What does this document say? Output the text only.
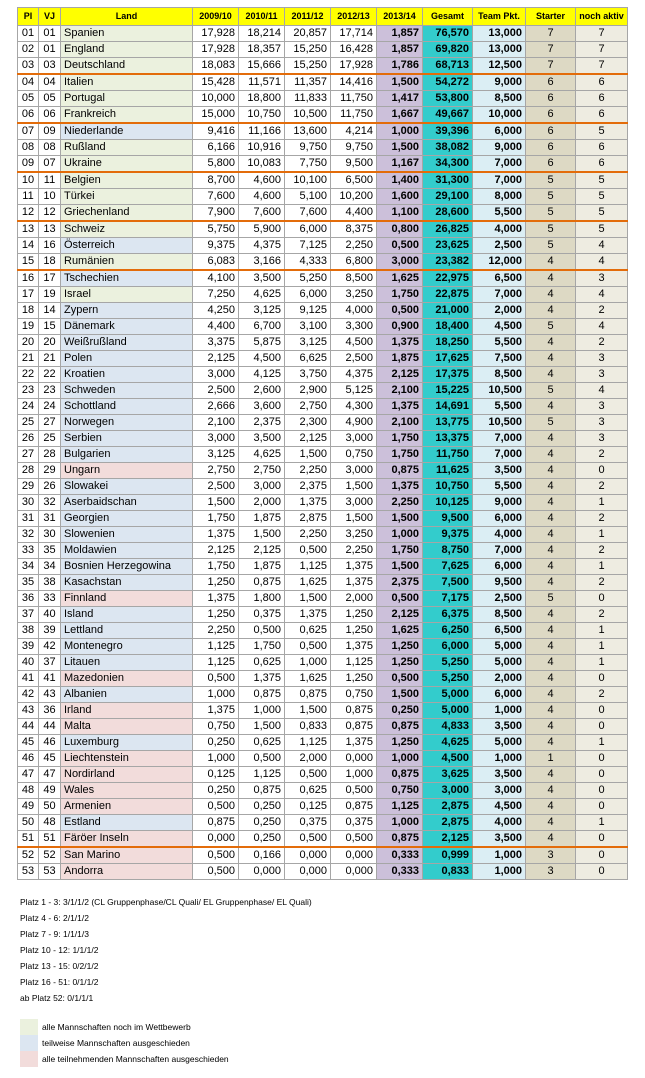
Pl	VJ	Land	2009/10	2010/11	2011/12	2012/13	2013/14	Gesamt	Team Pkt.	Starter	noch aktiv
01	01	Spanien	17,928	18,214	20,857	17,714	1,857	76,570	13,000	7	7
02	01	England	17,928	18,357	15,250	16,428	1,857	69,820	13,000	7	7
03	03	Deutschland	18,083	15,666	15,250	17,928	1,786	68,713	12,500	7	7
04	04	Italien	15,428	11,571	11,357	14,416	1,500	54,272	9,000	6	6
05	05	Portugal	10,000	18,800	11,833	11,750	1,417	53,800	8,500	6	6
06	06	Frankreich	15,000	10,750	10,500	11,750	1,667	49,667	10,000	6	6
07	09	Niederlande	9,416	11,166	13,600	4,214	1,000	39,396	6,000	6	5
08	08	Rußland	6,166	10,916	9,750	9,750	1,500	38,082	9,000	6	6
09	07	Ukraine	5,800	10,083	7,750	9,500	1,167	34,300	7,000	6	6
10	11	Belgien	8,700	4,600	10,100	6,500	1,400	31,300	7,000	5	5
11	10	Türkei	7,600	4,600	5,100	10,200	1,600	29,100	8,000	5	5
12	12	Griechenland	7,900	7,600	7,600	4,400	1,100	28,600	5,500	5	5
13	13	Schweiz	5,750	5,900	6,000	8,375	0,800	26,825	4,000	5	5
14	16	Österreich	9,375	4,375	7,125	2,250	0,500	23,625	2,500	5	4
15	18	Rumänien	6,083	3,166	4,333	6,800	3,000	23,382	12,000	4	4
16	17	Tschechien	4,100	3,500	5,250	8,500	1,625	22,975	6,500	4	3
17	19	Israel	7,250	4,625	6,000	3,250	1,750	22,875	7,000	4	4
18	14	Zypern	4,250	3,125	9,125	4,000	0,500	21,000	2,000	4	2
19	15	Dänemark	4,400	6,700	3,100	3,300	0,900	18,400	4,500	5	4
20	20	Weißrußland	3,375	5,875	3,125	4,500	1,375	18,250	5,500	4	2
21	21	Polen	2,125	4,500	6,625	2,500	1,875	17,625	7,500	4	3
22	22	Kroatien	3,000	4,125	3,750	4,375	2,125	17,375	8,500	4	3
23	23	Schweden	2,500	2,600	2,900	5,125	2,100	15,225	10,500	5	4
24	24	Schottland	2,666	3,600	2,750	4,300	1,375	14,691	5,500	4	3
25	27	Norwegen	2,100	2,375	2,300	4,900	2,100	13,775	10,500	5	3
26	25	Serbien	3,000	3,500	2,125	3,000	1,750	13,375	7,000	4	3
27	28	Bulgarien	3,125	4,625	1,500	0,750	1,750	11,750	7,000	4	2
28	29	Ungarn	2,750	2,750	2,250	3,000	0,875	11,625	3,500	4	0
29	26	Slowakei	2,500	3,000	2,375	1,500	1,375	10,750	5,500	4	2
30	32	Aserbaidschan	1,500	2,000	1,375	3,000	2,250	10,125	9,000	4	1
31	31	Georgien	1,750	1,875	2,875	1,500	1,500	9,500	6,000	4	2
32	30	Slowenien	1,375	1,500	2,250	3,250	1,000	9,375	4,000	4	1
33	35	Moldawien	2,125	2,125	0,500	2,250	1,750	8,750	7,000	4	2
34	34	Bosnien Herzegowina	1,750	1,875	1,125	1,375	1,500	7,625	6,000	4	1
35	38	Kasachstan	1,250	0,875	1,625	1,375	2,375	7,500	9,500	4	2
36	33	Finnland	1,375	1,800	1,500	2,000	0,500	7,175	2,500	5	0
37	40	Island	1,250	0,375	1,375	1,250	2,125	6,375	8,500	4	2
38	39	Lettland	2,250	0,500	0,625	1,250	1,625	6,250	6,500	4	1
39	42	Montenegro	1,125	1,750	0,500	1,375	1,250	6,000	5,000	4	1
40	37	Litauen	1,125	0,625	1,000	1,125	1,250	5,250	5,000	4	1
41	41	Mazedonien	0,500	1,375	1,625	1,250	0,500	5,250	2,000	4	0
42	43	Albanien	1,000	0,875	0,875	0,750	1,500	5,000	6,000	4	2
43	36	Irland	1,375	1,000	1,500	0,875	0,250	5,000	1,000	4	0
44	44	Malta	0,750	1,500	0,833	0,875	0,875	4,833	3,500	4	0
45	46	Luxemburg	0,250	0,625	1,125	1,375	1,250	4,625	5,000	4	1
46	45	Liechtenstein	1,000	0,500	2,000	0,000	1,000	4,500	1,000	1	0
47	47	Nordirland	0,125	1,125	0,500	1,000	0,875	3,625	3,500	4	0
48	49	Wales	0,250	0,875	0,625	0,500	0,750	3,000	3,000	4	0
49	50	Armenien	0,500	0,250	0,125	0,875	1,125	2,875	4,500	4	0
50	48	Estland	0,875	0,250	0,375	0,375	1,000	2,875	4,000	4	1
51	51	Färöer Inseln	0,000	0,250	0,500	0,500	0,875	2,125	3,500	4	0
52	52	San Marino	0,500	0,166	0,000	0,000	0,333	0,999	1,000	3	0
53	53	Andorra	0,500	0,000	0,000	0,000	0,333	0,833	1,000	3	0
Platz 1 - 3: 3/1/1/2 (CL Gruppenphase/CL Quali/ EL Gruppenphase/ EL Quali)
Platz 4 - 6: 2/1/1/2
Platz 7 - 9: 1/1/1/3
Platz 10 - 12: 1/1/1/2
Platz 13 - 15: 0/2/1/2
Platz 16 - 51: 0/1/1/2
ab Platz 52: 0/1/1/1
alle Mannschaften noch im Wettbewerb
teilweise Mannschaften ausgeschieden
alle teilnehmenden Mannschaften ausgeschieden
